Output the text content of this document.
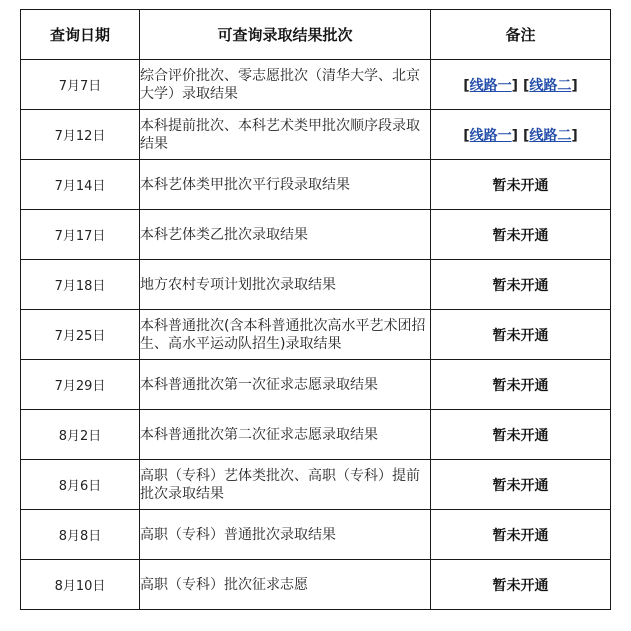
查询日期	可查询录取结果批次	备注
7月7日	综合评价批次、零志愿批次（清华大学、北京大学）录取结果	[线路一] [线路二]
7月12日	本科提前批次、本科艺术类甲批次顺序段录取结果	[线路一] [线路二]
7月14日	本科艺体类甲批次平行段录取结果	暂未开通
7月17日	本科艺体类乙批次录取结果	暂未开通
7月18日	地方农村专项计划批次录取结果	暂未开通
7月25日	本科普通批次(含本科普通批次高水平艺术团招生、高水平运动队招生)录取结果	暂未开通
7月29日	本科普通批次第一次征求志愿录取结果	暂未开通
8月2日	本科普通批次第二次征求志愿录取结果	暂未开通
8月6日	高职（专科）艺体类批次、高职（专科）提前批次录取结果	暂未开通
8月8日	高职（专科）普通批次录取结果	暂未开通
8月10日	高职（专科）批次征求志愿	暂未开通
